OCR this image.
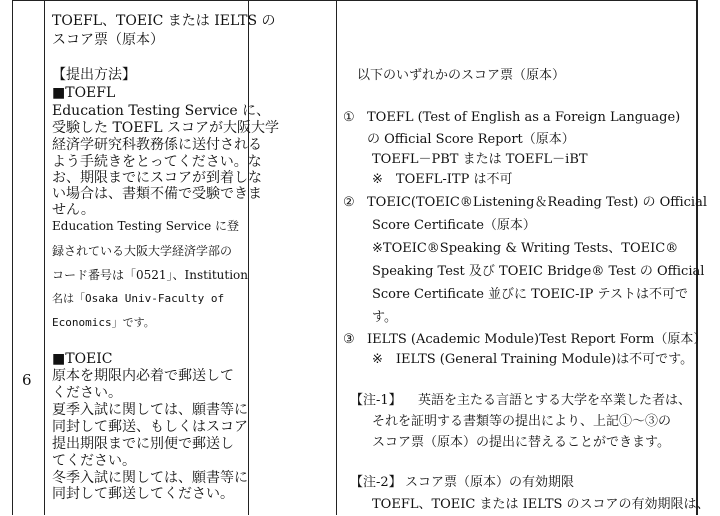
6
TOEFL、TOEIC または IELTS の
スコア票（原本）
【提出方法】
■TOEFL
Education Testing Service に、
受験した TOEFL スコアが大阪大学
経済学研究科教務係に送付される
よう手続きをとってください。な
お、期限までにスコアが到着しな
い場合は、書類不備で受験できま
せん。
Education Testing Service に登
録されている大阪大学経済学部の
コード番号は「0521」、Institution
名は「Osaka Univ-Faculty of
Economics」です。
■TOEIC
原本を期限内必着で郵送して
ください。
夏季入試に関しては、願書等に
同封して郵送、もしくはスコア
提出期限までに別便で郵送し
てください。
冬季入試に関しては、願書等に
同封して郵送してください。
以下のいずれかのスコア票（原本）
① TOEFL (Test of English as a Foreign Language)
の Official Score Report（原本）
TOEFL－PBT または TOEFL－iBT
※　TOEFL-ITP は不可
② TOEIC(TOEIC®Listening＆Reading Test) の Official
Score Certificate（原本）
※TOEIC®Speaking & Writing Tests、TOEIC®
Speaking Test 及び TOEIC Bridge® Test の Official
Score Certificate 並びに TOEIC-IP テストは不可で
す。
③ IELTS (Academic Module)Test Report Form（原本）
※　IELTS (General Training Module)は不可です。
【注-1】 英語を主たる言語とする大学を卒業した者は、
それを証明する書類等の提出により、上記①～③の
スコア票（原本）の提出に替えることができます。
【注-2】 スコア票（原本）の有効期限
TOEFL、TOEIC または IELTS のスコアの有効期限は、
